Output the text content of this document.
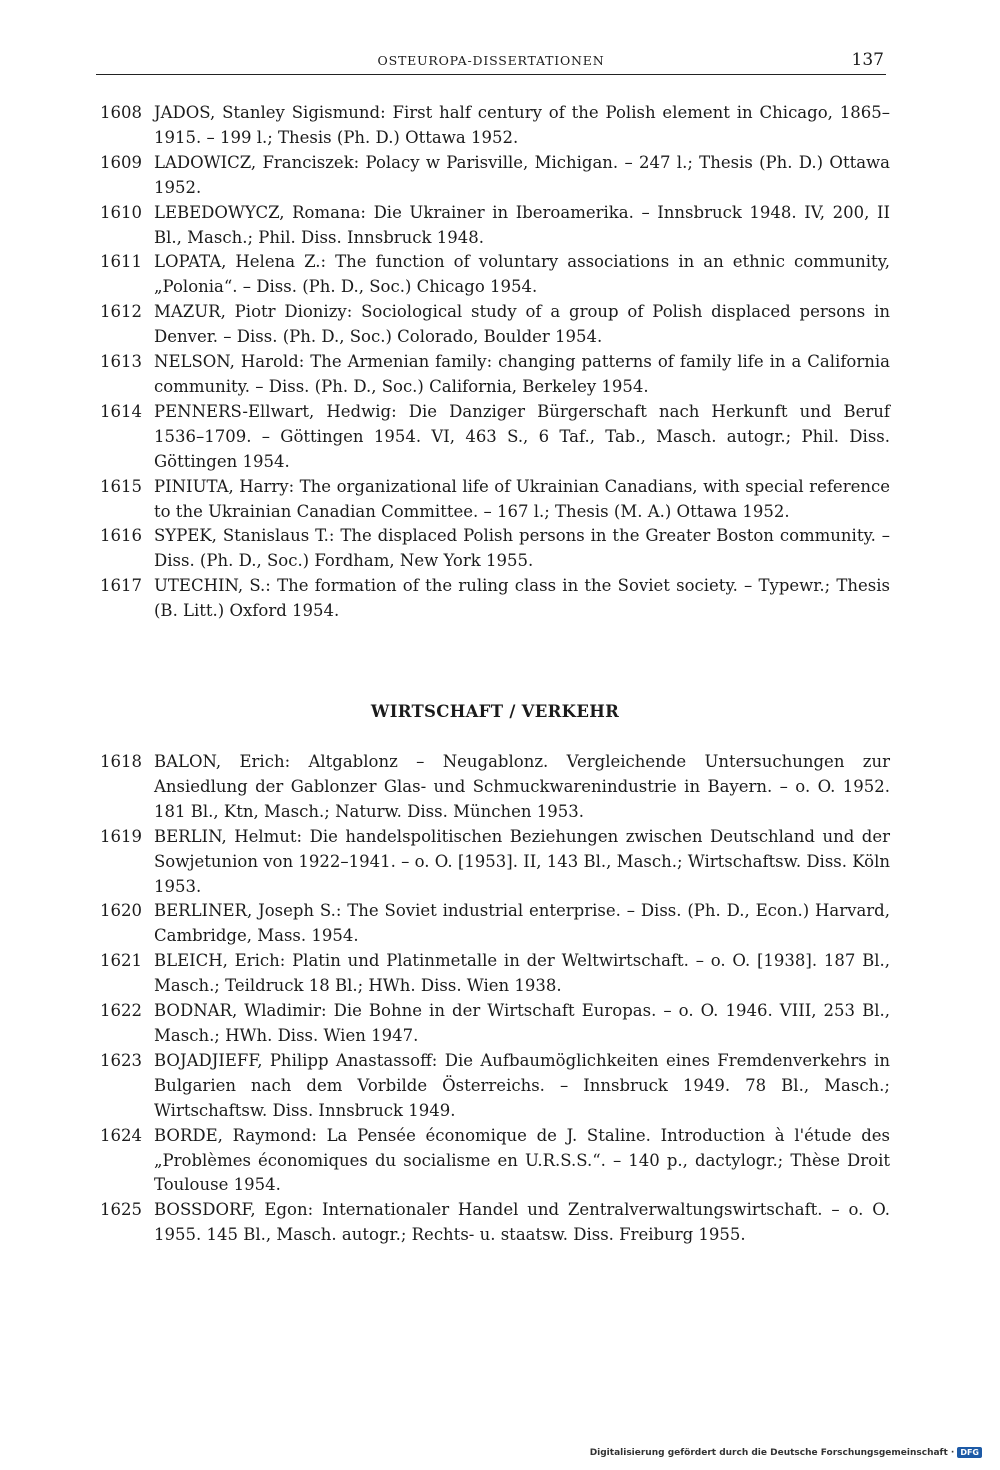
OSTEUROPA-DISSERTATIONEN	137
1608 JADOS, Stanley Sigismund: First half century of the Polish element in Chicago, 1865–1915. – 199 l.; Thesis (Ph. D.) Ottawa 1952.
1609 LADOWICZ, Franciszek: Polacy w Parisville, Michigan. – 247 l.; Thesis (Ph. D.) Ottawa 1952.
1610 LEBEDOWYCZ, Romana: Die Ukrainer in Iberoamerika. – Innsbruck 1948. IV, 200, II Bl., Masch.; Phil. Diss. Innsbruck 1948.
1611 LOPATA, Helena Z.: The function of voluntary associations in an ethnic community, „Polonia“. – Diss. (Ph. D., Soc.) Chicago 1954.
1612 MAZUR, Piotr Dionizy: Sociological study of a group of Polish displaced persons in Denver. – Diss. (Ph. D., Soc.) Colorado, Boulder 1954.
1613 NELSON, Harold: The Armenian family: changing patterns of family life in a California community. – Diss. (Ph. D., Soc.) California, Berkeley 1954.
1614 PENNERS-Ellwart, Hedwig: Die Danziger Bürgerschaft nach Herkunft und Beruf 1536–1709. – Göttingen 1954. VI, 463 S., 6 Taf., Tab., Masch. autogr.; Phil. Diss. Göttingen 1954.
1615 PINIUTA, Harry: The organizational life of Ukrainian Canadians, with special reference to the Ukrainian Canadian Committee. – 167 l.; Thesis (M. A.) Ottawa 1952.
1616 SYPEK, Stanislaus T.: The displaced Polish persons in the Greater Boston community. – Diss. (Ph. D., Soc.) Fordham, New York 1955.
1617 UTECHIN, S.: The formation of the ruling class in the Soviet society. – Typewr.; Thesis (B. Litt.) Oxford 1954.
WIRTSCHAFT / VERKEHR
1618 BALON, Erich: Altgablonz – Neugablonz. Vergleichende Untersuchungen zur Ansiedlung der Gablonzer Glas- und Schmuckwarenindustrie in Bayern. – o. O. 1952. 181 Bl., Ktn, Masch.; Naturw. Diss. München 1953.
1619 BERLIN, Helmut: Die handelspolitischen Beziehungen zwischen Deutschland und der Sowjetunion von 1922–1941. – o. O. [1953]. II, 143 Bl., Masch.; Wirtschaftsw. Diss. Köln 1953.
1620 BERLINER, Joseph S.: The Soviet industrial enterprise. – Diss. (Ph. D., Econ.) Harvard, Cambridge, Mass. 1954.
1621 BLEICH, Erich: Platin und Platinmetalle in der Weltwirtschaft. – o. O. [1938]. 187 Bl., Masch.; Teildruck 18 Bl.; HWh. Diss. Wien 1938.
1622 BODNAR, Wladimir: Die Bohne in der Wirtschaft Europas. – o. O. 1946. VIII, 253 Bl., Masch.; HWh. Diss. Wien 1947.
1623 BOJADJIEFF, Philipp Anastassoff: Die Aufbaumöglichkeiten eines Fremdenverkehrs in Bulgarien nach dem Vorbilde Österreichs. – Innsbruck 1949. 78 Bl., Masch.; Wirtschaftsw. Diss. Innsbruck 1949.
1624 BORDE, Raymond: La Pensée économique de J. Staline. Introduction à l'étude des „Problèmes économiques du socialisme en U.R.S.S.“. – 140 p., dactylogr.; Thèse Droit Toulouse 1954.
1625 BOSSDORF, Egon: Internationaler Handel und Zentralverwaltungswirtschaft. – o. O. 1955. 145 Bl., Masch. autogr.; Rechts- u. staatsw. Diss. Freiburg 1955.
Digitalisierung gefördert durch die Deutsche Forschungsgemeinschaft · DFG
